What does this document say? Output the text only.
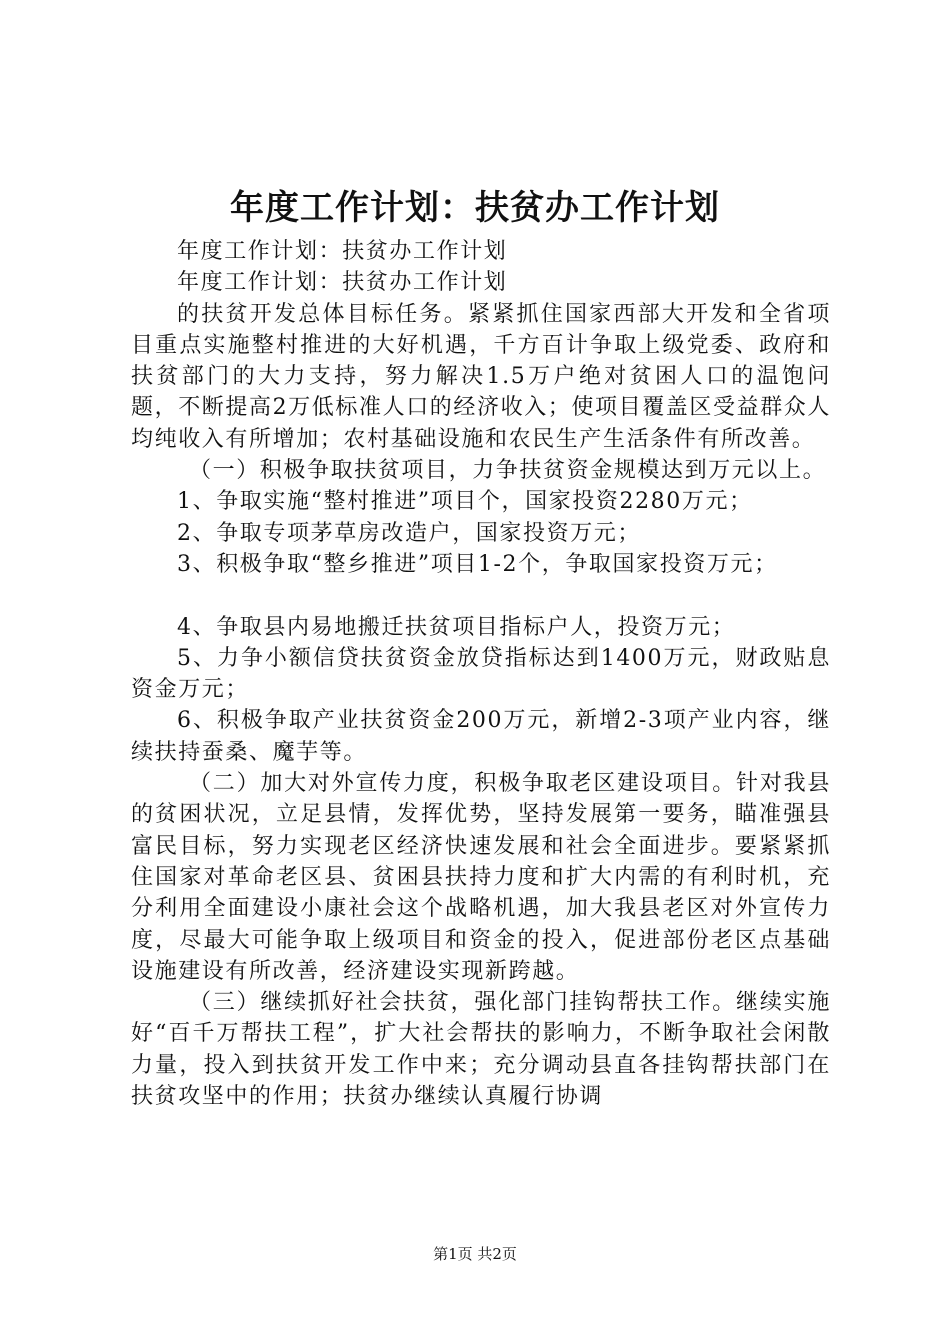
年度工作计划：扶贫办工作计划

年度工作计划：扶贫办工作计划

年度工作计划：扶贫办工作计划

的扶贫开发总体目标任务。紧紧抓住国家西部大开发和全省项目重点实施整村推进的大好机遇，千方百计争取上级党委、政府和扶贫部门的大力支持，努力解决1.5万户绝对贫困人口的温饱问题，不断提高2万低标准人口的经济收入；使项目覆盖区受益群众人均纯收入有所增加；农村基础设施和农民生产生活条件有所改善。

（一）积极争取扶贫项目，力争扶贫资金规模达到万元以上。

1、争取实施“整村推进”项目个，国家投资2280万元；

2、争取专项茅草房改造户，国家投资万元；

3、积极争取“整乡推进”项目1-2个，争取国家投资万元；

4、争取县内易地搬迁扶贫项目指标户人，投资万元；

5、力争小额信贷扶贫资金放贷指标达到1400万元，财政贴息资金万元；

6、积极争取产业扶贫资金200万元，新增2-3项产业内容，继续扶持蚕桑、魔芋等。

（二）加大对外宣传力度，积极争取老区建设项目。针对我县的贫困状况，立足县情，发挥优势，坚持发展第一要务，瞄准强县富民目标，努力实现老区经济快速发展和社会全面进步。要紧紧抓住国家对革命老区县、贫困县扶持力度和扩大内需的有利时机，充分利用全面建设小康社会这个战略机遇，加大我县老区对外宣传力度，尽最大可能争取上级项目和资金的投入，促进部份老区点基础设施建设有所改善，经济建设实现新跨越。

（三）继续抓好社会扶贫，强化部门挂钩帮扶工作。继续实施好“百千万帮扶工程”，扩大社会帮扶的影响力，不断争取社会闲散力量，投入到扶贫开发工作中来；充分调动县直各挂钩帮扶部门在扶贫攻坚中的作用；扶贫办继续认真履行协调

第1页 共2页
